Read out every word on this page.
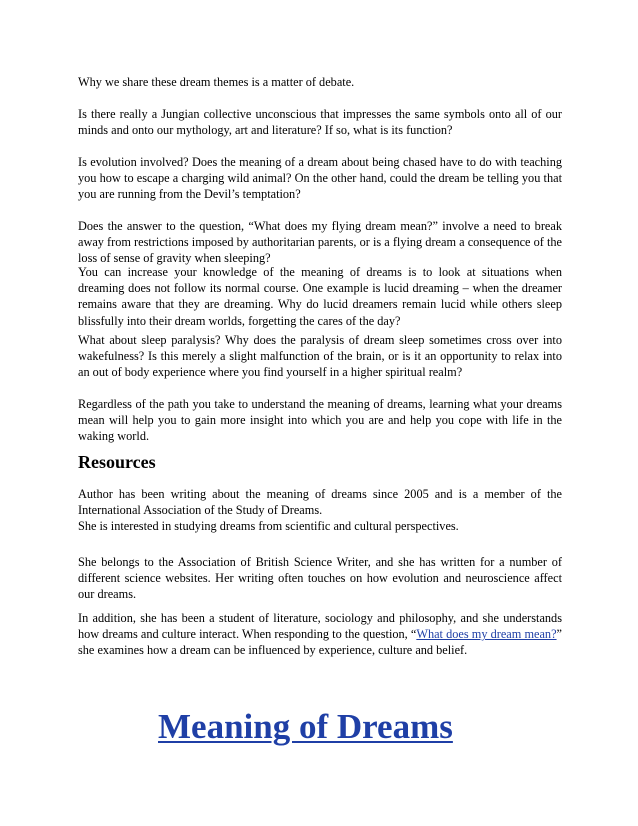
Why we share these dream themes is a matter of debate.

Is there really a Jungian collective unconscious that impresses the same symbols onto all of our minds and onto our mythology, art and literature? If so, what is its function?

Is evolution involved? Does the meaning of a dream about being chased have to do with teaching you how to escape a charging wild animal? On the other hand, could the dream be telling you that you are running from the Devil’s temptation?

Does the answer to the question, “What does my flying dream mean?” involve a need to break away from restrictions imposed by authoritarian parents, or is a flying dream a consequence of the loss of sense of gravity when sleeping?

You can increase your knowledge of the meaning of dreams is to look at situations when dreaming does not follow its normal course. One example is lucid dreaming – when the dreamer remains aware that they are dreaming. Why do lucid dreamers remain lucid while others sleep blissfully into their dream worlds, forgetting the cares of the day?

What about sleep paralysis? Why does the paralysis of dream sleep sometimes cross over into wakefulness? Is this merely a slight malfunction of the brain, or is it an opportunity to relax into an out of body experience where you find yourself in a higher spiritual realm?

Regardless of the path you take to understand the meaning of dreams, learning what your dreams mean will help you to gain more insight into which you are and help you cope with life in the waking world.

Resources

Author has been writing about the meaning of dreams since 2005 and is a member of the International Association of the Study of Dreams.

She is interested in studying dreams from scientific and cultural perspectives.

She belongs to the Association of British Science Writer, and she has written for a number of different science websites. Her writing often touches on how evolution and neuroscience affect our dreams.

In addition, she has been a student of literature, sociology and philosophy, and she understands how dreams and culture interact. When responding to the question, “What does my dream mean?” she examines how a dream can be influenced by experience, culture and belief.

Meaning of Dreams
